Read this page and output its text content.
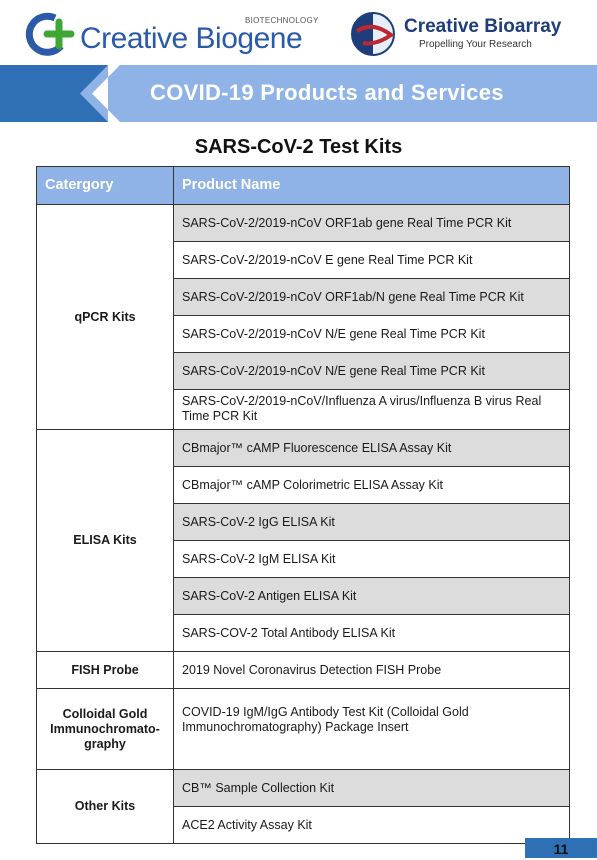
Creative Biogene
BIOTECHNOLOGY	Creative Bioarray
Propelling Your Research
COVID-19 Products and Services
SARS-CoV-2 Test Kits
Catergory	Product Name
qPCR Kits	SARS-CoV-2/2019-nCoV ORF1ab gene Real Time PCR Kit
	SARS-CoV-2/2019-nCoV E gene Real Time PCR Kit
	SARS-CoV-2/2019-nCoV ORF1ab/N gene Real Time PCR Kit
	SARS-CoV-2/2019-nCoV N/E gene Real Time PCR Kit
	SARS-CoV-2/2019-nCoV N/E gene Real Time PCR Kit
	SARS-CoV-2/2019-nCoV/Influenza A virus/Influenza B virus Real Time PCR Kit
ELISA Kits	CBmajor™ cAMP Fluorescence ELISA Assay Kit
	CBmajor™ cAMP Colorimetric ELISA Assay Kit
	SARS-CoV-2 IgG ELISA Kit
	SARS-CoV-2 IgM ELISA Kit
	SARS-CoV-2 Antigen ELISA Kit
	SARS-COV-2 Total Antibody ELISA Kit
FISH Probe	2019 Novel Coronavirus Detection FISH Probe
Colloidal Gold Immunochromato-graphy	COVID-19 IgM/IgG Antibody Test Kit (Colloidal Gold Immunochromatography) Package Insert
Other Kits	CB™ Sample Collection Kit
	ACE2 Activity Assay Kit
11
